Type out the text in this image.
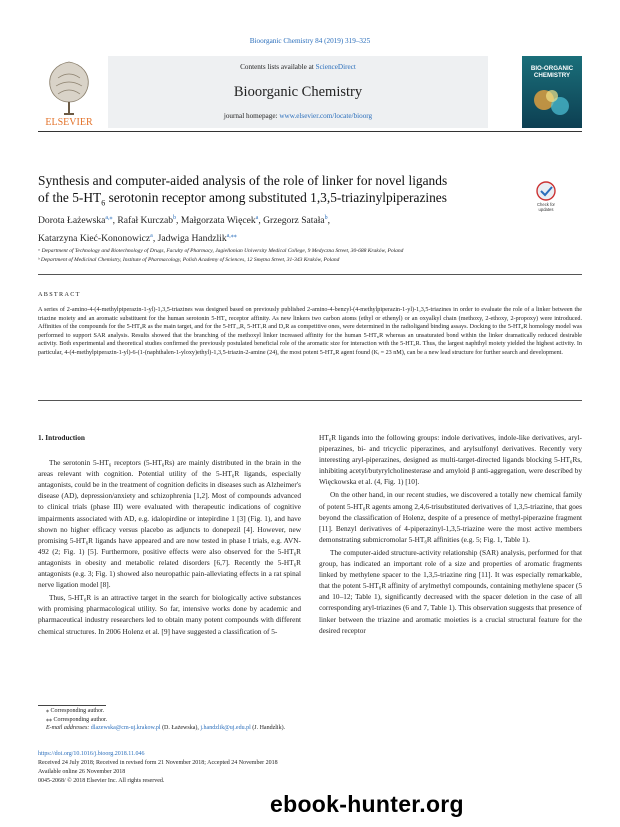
Bioorganic Chemistry 84 (2019) 319–325
ELSEVIER
Contents lists available at ScienceDirect
Bioorganic Chemistry
journal homepage: www.elsevier.com/locate/bioorg
BIO-ORGANIC
CHEMISTRY
Synthesis and computer-aided analysis of the role of linker for novel ligands
of the $5-HT_6$ serotonin receptor among substituted 1,3,5-triazinylpiperazines	Check for
updates
Dorota Łażewska$^{a,⁎}$, Rafał Kurczab$^b$, Małgorzata Więcek$^a$, Grzegorz Satała$^b$,
Katarzyna Kieć-Kononowicz$^a$, Jadwiga Handzlik$^{a,⁎⁎}$
ᵃ Department of Technology and Biotechnology of Drugs, Faculty of Pharmacy, Jagiellonian University Medical College, 9 Medyczna Street, 30-688 Kraków, Poland
ᵇ Department of Medicinal Chemistry, Institute of Pharmacology, Polish Academy of Sciences, 12 Smętna Street, 31-343 Kraków, Poland
ABSTRACT
A series of 2-amino-4-(4-methylpiperazin-1-yl)-1,3,5-triazines was designed based on previously published 2-amino-4-benzyl-(4-methylpiperazin-1-yl)-1,3,5-triazines in order to evaluate the role of a linker between the triazine moiety and an aromatic substituent for the human serotonin 5-HT₆ receptor affinity. As new linkers two carbon atoms (ethyl or ethenyl) or an oxyalkyl chain (methoxy, 2-ethoxy, 2-propoxy) were introduced. Affinities of the compounds for the 5-HT₆R as the main target, and for the 5-HT₁ₐR, 5-HT₇R and D₂R as competitive ones, were determined in the radioligand binding assays. Docking to the 5-HT₆R homology model was performed to support SAR analysis. Results showed that the branching of the methoxyl linker increased affinity for the human 5-HT₆R whereas an unsaturated bond within the linker dramatically reduced desirable activity. Both experimental and theoretical studies confirmed the previously postulated beneficial role of the aromatic size for interaction with the 5-HT₆R. Thus, the largest naphthyl moiety yielded the highest activity. In particular, 4-(4-methylpiperazin-1-yl)-6-(1-(naphthalen-1-yloxy)ethyl)-1,3,5-triazin-2-amine (24), the most potent 5-HT₆R agent found (Kᵢ = 23 nM), can be a new lead structure for further search and development.

1. Introduction

The serotonin 5-HT₆ receptors (5-HT₆Rs) are mainly distributed in the brain in the areas relevant with cognition. Potential utility of the 5-HT₆R ligands, especially antagonists, could be in the treatment of cognition deficits in diseases such as Alzheimer's disease (AD), depression/anxiety and schizophrenia [1,2]. Most of compounds advanced to clinical trials (phase III) were evaluated with therapeutic indications of cognitive impairments associated with AD, e.g. idalopirdine or intepirdine 1 [3] (Fig. 1), and have shown no higher efficacy versus placebo as adjuncts to donepezil [4]. However, new promising 5-HT₆R ligands have appeared and are now tested in phase I trials, e.g. AVN-492 (2; Fig. 1) [5]. Furthermore, positive effects were also observed for the 5-HT₆R antagonists in obesity and metabolic related disorders [6,7]. Recently the 5-HT₆R antagonists (e.g. 3; Fig. 1) showed also neuropathic pain-alleviating effects in a rat spinal nerve ligation model [8].

Thus, 5-HT₆R is an attractive target in the search for biologically active substances with promising pharmacological utility. So far, intensive works done by academic and pharmaceutical industry researchers led to obtain many potent compounds with different chemical structures. In 2006 Holenz et al. [9] have suggested a classification of 5-

HT₆R ligands into the following groups: indole derivatives, indole-like derivatives, aryl-piperazines, bi- and tricyclic piperazines, and arylsulfonyl derivatives. Recently very interesting aryl-piperazines, designed as multi-target-directed ligands blocking 5-HT₆Rs, inhibiting acetyl/butyrylcholinesterase and amyloid β anti-aggregation, were described by Więckowska et al. (4, Fig. 1) [10].

On the other hand, in our recent studies, we discovered a totally new chemical family of potent 5-HT₆R agents among 2,4,6-trisubstituted derivatives of 1,3,5-triazine, that goes beyond the classification of Holenz, despite of a presence of methyl-piperazine fragment [11]. Benzyl derivatives of 4-piperazinyl-1,3,5-triazine were the most active members demonstrating submicromolar 5-HT₆R affinities (e.g. 5; Fig. 1, Table 1).

The computer-aided structure-activity relationship (SAR) analysis, performed for that group, has indicated an important role of a size and properties of aromatic fragments linked by methylene spacer to the 1,3,5-triazine ring [11]. It was especially remarkable, that the potent 5-HT₆R affinity of arylmethyl compounds, containing methylene spacer (5 and 10–12; Table 1), significantly decreased with the spacer deletion in the case of all corresponding aryl-triazines (6 and 7, Table 1). This observation suggests that presence of linker between the triazine and aromatic moieties is a crucial structural feature for the desired receptor

⁎ Corresponding author.
⁎⁎ Corresponding author.
E-mail addresses: dlazewska@cm-uj.krakow.pl (D. Łażewska), j.handzlik@uj.edu.pl (J. Handzlik).
https://doi.org/10.1016/j.bioorg.2018.11.046
Received 24 July 2018; Received in revised form 21 November 2018; Accepted 24 November 2018
Available online 26 November 2018
0045-2068/ © 2018 Elsevier Inc. All rights reserved.
ebook-hunter.org
